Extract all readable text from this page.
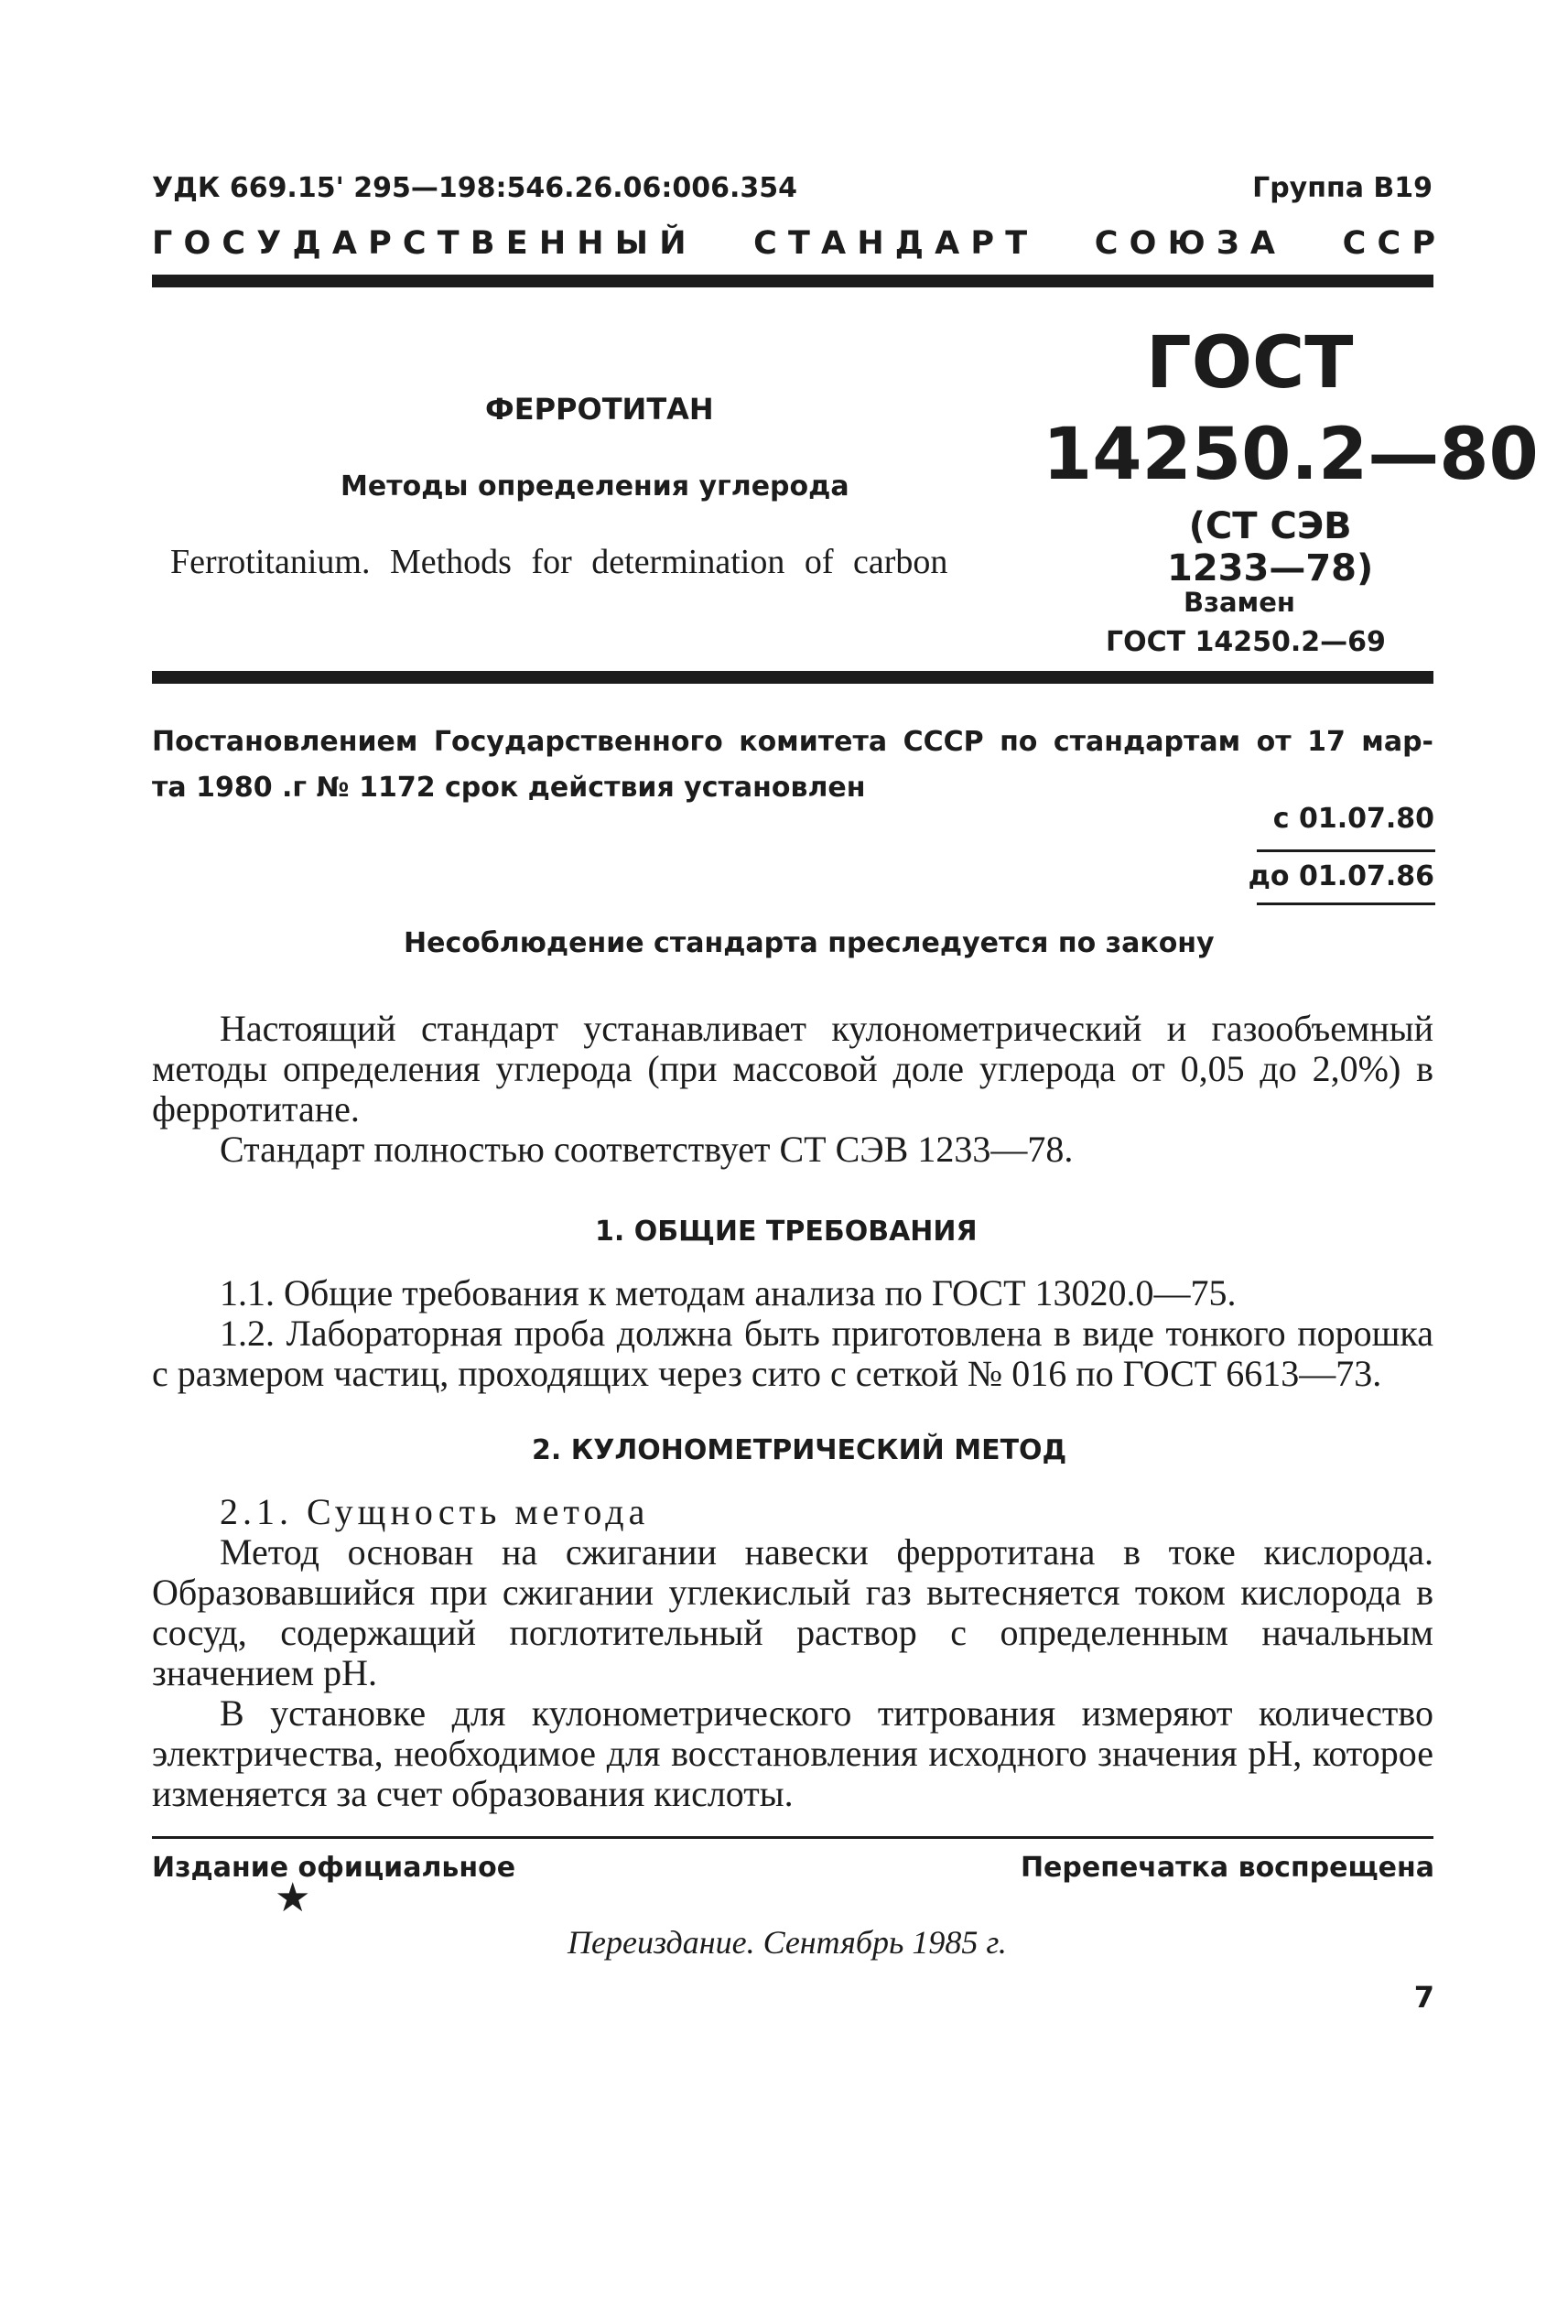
УДК 669.15' 295—198:546.26.06:006.354	Группа B19
Г О С У Д А Р С Т В Е Н Н Ы Й С Т А Н Д А Р Т С О Ю З А С С Р
ФЕРРОТИТАН
Методы определения углерода
Ferrotitanium. Methods for determination of carbon
ГОСТ
14250.2—80
(СТ СЭВ
1233—78)
Взамен
ГОСТ 14250.2—69
Постановлением Государственного комитета СССР по стандартам от 17 мар-
та 1980 .г № 1172 срок действия установлен
с 01.07.80
до 01.07.86
Несоблюдение стандарта преследуется по закону

Настоящий стандарт устанавливает кулонометрический и газообъемный методы определения углерода (при массовой доле углерода от 0,05 до 2,0%) в ферротитане.

Стандарт полностью соответствует СТ СЭВ 1233—78.

1. ОБЩИЕ ТРЕБОВАНИЯ

1.1. Общие требования к методам анализа по ГОСТ 13020.0—75.

1.2. Лабораторная проба должна быть приготовлена в виде тонкого порошка с размером частиц, проходящих через сито с сеткой № 016 по ГОСТ 6613—73.

2. КУЛОНОМЕТРИЧЕСКИЙ МЕТОД

2.1. Сущность метода

Метод основан на сжигании навески ферротитана в токе кислорода. Образовавшийся при сжигании углекислый газ вытесняется током кислорода в сосуд, содержащий поглотительный раствор с определенным начальным значением рН.

В установке для кулонометрического титрования измеряют количество электричества, необходимое для восстановления исходного значения рН, которое изменяется за счет образования кислоты.

Издание официальное	Перепечатка воспрещена
★
Переиздание. Сентябрь 1985 г.
7
